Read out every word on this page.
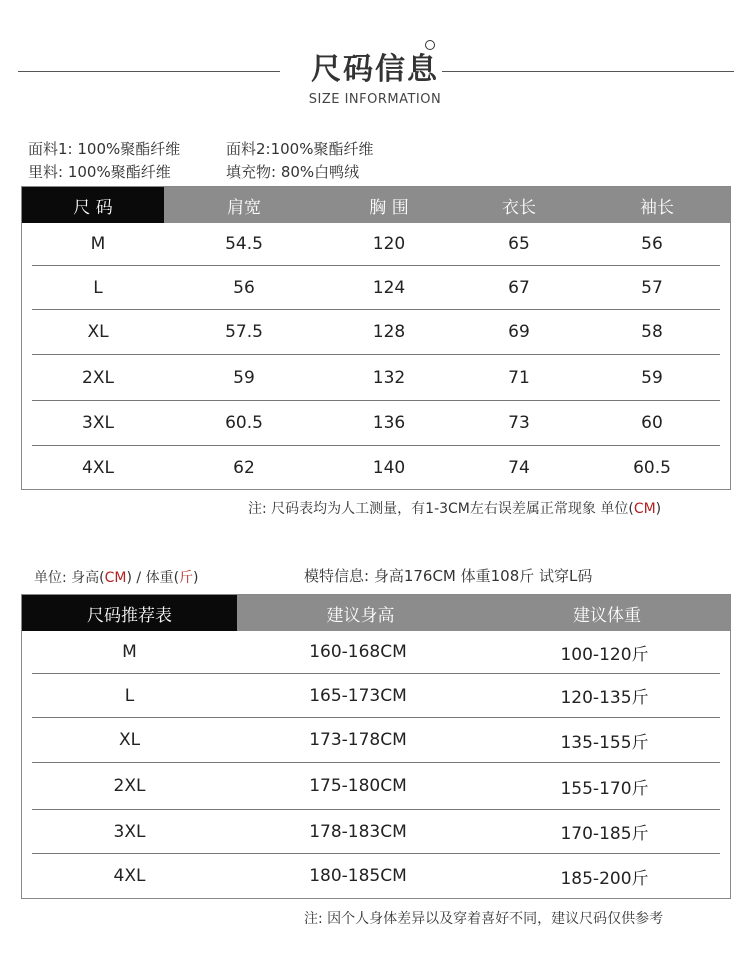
尺码信息
SIZE INFORMATION
面料1: 100%聚酯纤维	面料2:100%聚酯纤维
里料: 100%聚酯纤维	填充物: 80%白鸭绒
尺 码	肩宽	胸 围	衣长	袖长
M	54.5	120	65	56
L	56	124	67	57
XL	57.5	128	69	58
2XL	59	132	71	59
3XL	60.5	136	73	60
4XL	62	140	74	60.5
注: 尺码表均为人工测量，有1-3CM左右误差属正常现象 单位(CM)
单位: 身高(CM) / 体重(斤)	模特信息: 身高176CM 体重108斤 试穿L码
尺码推荐表	建议身高	建议体重
M	160-168CM	100-120斤
L	165-173CM	120-135斤
XL	173-178CM	135-155斤
2XL	175-180CM	155-170斤
3XL	178-183CM	170-185斤
4XL	180-185CM	185-200斤
注: 因个人身体差异以及穿着喜好不同，建议尺码仅供参考
